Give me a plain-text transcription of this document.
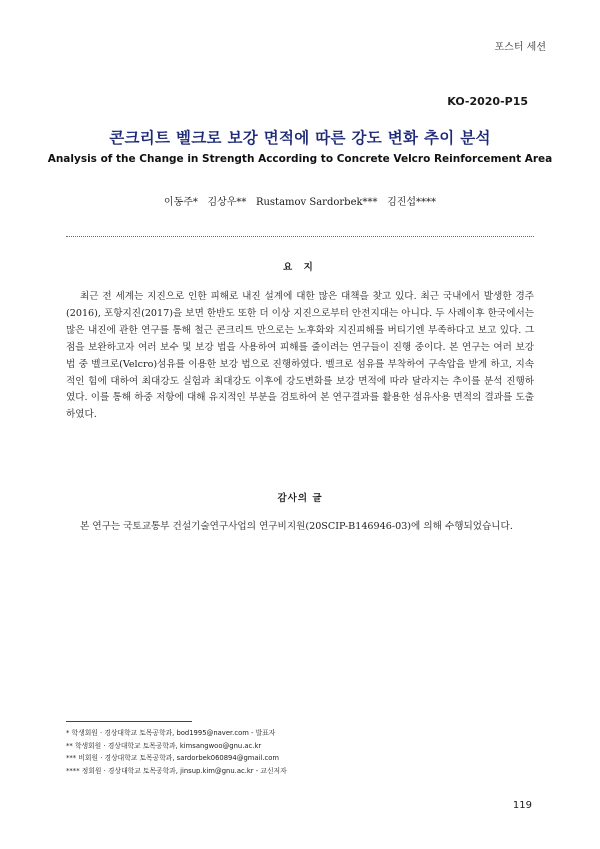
포스터 세션
KO-2020-P15
콘크리트 벨크로 보강 면적에 따른 강도 변화 추이 분석
Analysis of the Change in Strength According to Concrete Velcro Reinforcement Area
이동주*   김상우**   Rustamov Sardorbek***   김진섭****
요 지
최근 전 세계는 지진으로 인한 피해로 내진 설계에 대한 많은 대책을 찾고 있다. 최근 국내에서 발생한 경주(2016), 포항지진(2017)을 보면 한반도 또한 더 이상 지진으로부터 안전지대는 아니다. 두 사례이후 한국에서는 많은 내진에 관한 연구를 통해 철근 콘크리트 만으로는 노후화와 지진피해를 버티기엔 부족하다고 보고 있다. 그 점을 보완하고자 여러 보수 및 보강 법을 사용하여 피해를 줄이려는 연구들이 진행 중이다. 본 연구는 여러 보강 법 중 벨크로(Velcro)섬유를 이용한 보강 법으로 진행하였다. 벨크로 섬유를 부착하여 구속압을 받게 하고, 지속적인 힘에 대하여 최대강도 실험과 최대강도 이후에 강도변화를 보강 면적에 따라 달라지는 추이를 분석 진행하였다. 이를 통해 하중 저항에 대해 유지적인 부분을 검토하여 본 연구결과를 활용한 섬유사용 면적의 결과를 도출하였다.
감사의 글
본 연구는 국토교통부 건설기술연구사업의 연구비지원(20SCIP-B146946-03)에 의해 수행되었습니다.
* 학생회원 · 경상대학교 토목공학과, bod1995@naver.com - 발표자
** 학생회원 · 경상대학교 토목공학과, kimsangwoo@gnu.ac.kr
*** 비회원 · 경상대학교 토목공학과, sardorbek060894@gmail.com
**** 정회원 · 경상대학교 토목공학과, jinsup.kim@gnu.ac.kr - 교신저자
119
